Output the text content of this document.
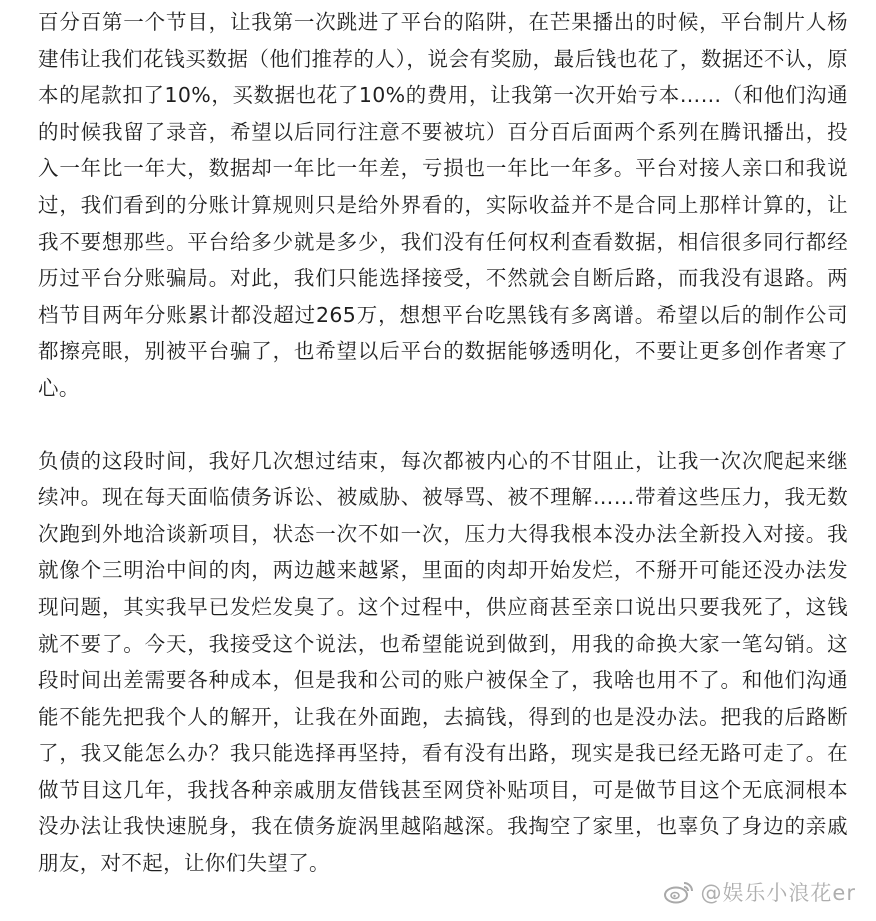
百分百第一个节目，让我第一次跳进了平台的陷阱，在芒果播出的时候，平台制片人杨建伟让我们花钱买数据（他们推荐的人），说会有奖励，最后钱也花了，数据还不认，原本的尾款扣了10%，买数据也花了10%的费用，让我第一次开始亏本……（和他们沟通的时候我留了录音，希望以后同行注意不要被坑）百分百后面两个系列在腾讯播出，投入一年比一年大，数据却一年比一年差，亏损也一年比一年多。平台对接人亲口和我说过，我们看到的分账计算规则只是给外界看的，实际收益并不是合同上那样计算的，让我不要想那些。平台给多少就是多少，我们没有任何权利查看数据，相信很多同行都经历过平台分账骗局。对此，我们只能选择接受，不然就会自断后路，而我没有退路。两档节目两年分账累计都没超过265万，想想平台吃黑钱有多离谱。希望以后的制作公司都擦亮眼，别被平台骗了，也希望以后平台的数据能够透明化，不要让更多创作者寒了心。

负债的这段时间，我好几次想过结束，每次都被内心的不甘阻止，让我一次次爬起来继续冲。现在每天面临债务诉讼、被威胁、被辱骂、被不理解……带着这些压力，我无数次跑到外地洽谈新项目，状态一次不如一次，压力大得我根本没办法全新投入对接。我就像个三明治中间的肉，两边越来越紧，里面的肉却开始发烂，不掰开可能还没办法发现问题，其实我早已发烂发臭了。这个过程中，供应商甚至亲口说出只要我死了，这钱就不要了。今天，我接受这个说法，也希望能说到做到，用我的命换大家一笔勾销。这段时间出差需要各种成本，但是我和公司的账户被保全了，我啥也用不了。和他们沟通能不能先把我个人的解开，让我在外面跑，去搞钱，得到的也是没办法。把我的后路断了，我又能怎么办？我只能选择再坚持，看有没有出路，现实是我已经无路可走了。在做节目这几年，我找各种亲戚朋友借钱甚至网贷补贴项目，可是做节目这个无底洞根本没办法让我快速脱身，我在债务旋涡里越陷越深。我掏空了家里，也辜负了身边的亲戚朋友，对不起，让你们失望了。

@娱乐小浪花er
